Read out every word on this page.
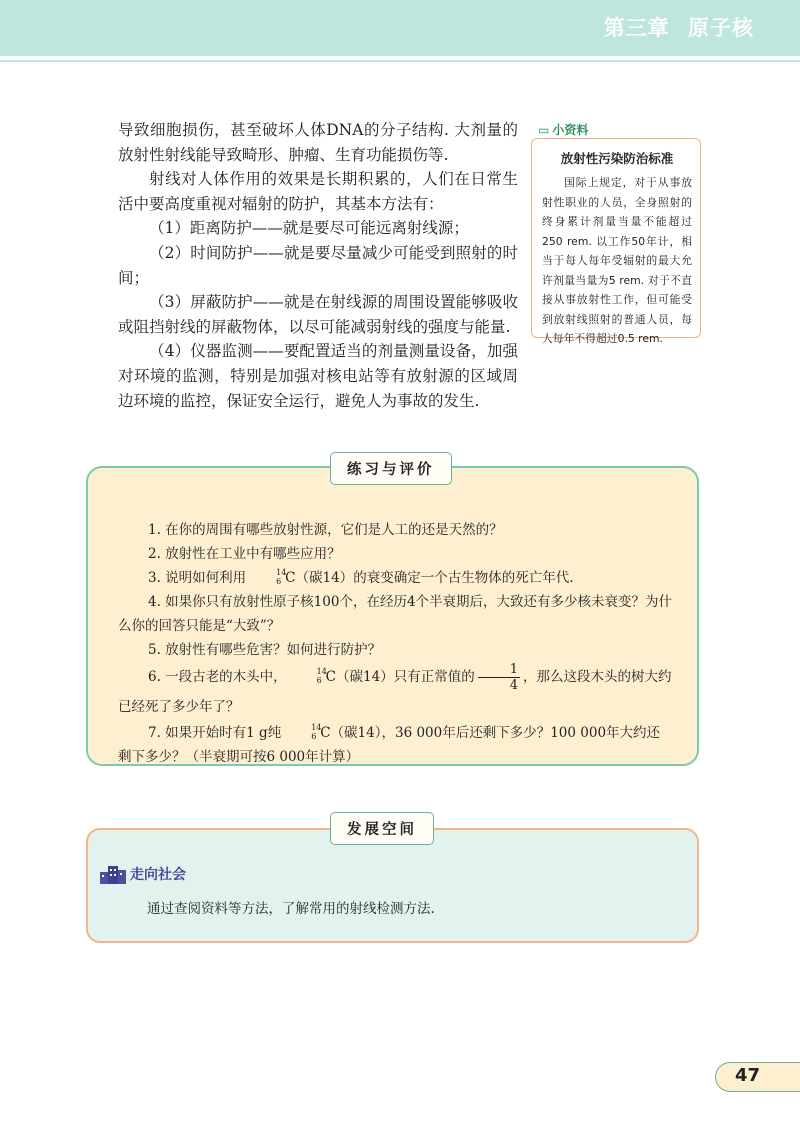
第三章 原子核

导致细胞损伤，甚至破坏人体DNA的分子结构. 大剂量的放射性射线能导致畸形、肿瘤、生育功能损伤等.

射线对人体作用的效果是长期积累的，人们在日常生活中要高度重视对辐射的防护，其基本方法有：

（1）距离防护——就是要尽可能远离射线源；

（2）时间防护——就是要尽量减少可能受到照射的时间；

（3）屏蔽防护——就是在射线源的周围设置能够吸收或阻挡射线的屏蔽物体，以尽可能减弱射线的强度与能量.

（4）仪器监测——要配置适当的剂量测量设备，加强对环境的监测，特别是加强对核电站等有放射源的区域周边环境的监控，保证安全运行，避免人为事故的发生.

▭ 小资料
放射性污染防治标准

国际上规定，对于从事放射性职业的人员，全身照射的终身累计剂量当量不能超过250 rem. 以工作50年计，相当于每人每年受辐射的最大允许剂量当量为5 rem. 对于不直接从事放射性工作，但可能受到放射线照射的普通人员，每人每年不得超过0.5 rem.

练习与评价

1. 在你的周围有哪些放射性源，它们是人工的还是天然的？

2. 放射性在工业中有哪些应用？

3. 说明如何利用	14
6 C（碳14）的衰变确定一个古生物体的死亡年代.

4. 如果你只有放射性原子核100个，在经历4个半衰期后，大致还有多少核未衰变？为什么你的回答只能是“大致”？

5. 放射性有哪些危害？如何进行防护？

6. 一段古老的木头中，	14
6 C（碳14）只有正常值的 $\frac{1}{4}$ ，那么这段木头的树大约已经死了多少年了？

7. 如果开始时有1 g纯	14
6 C（碳14），36 000年后还剩下多少？100 000年大约还剩下多少？（半衰期可按6 000年计算）

发展空间
走向社会
通过查阅资料等方法，了解常用的射线检测方法.
47
